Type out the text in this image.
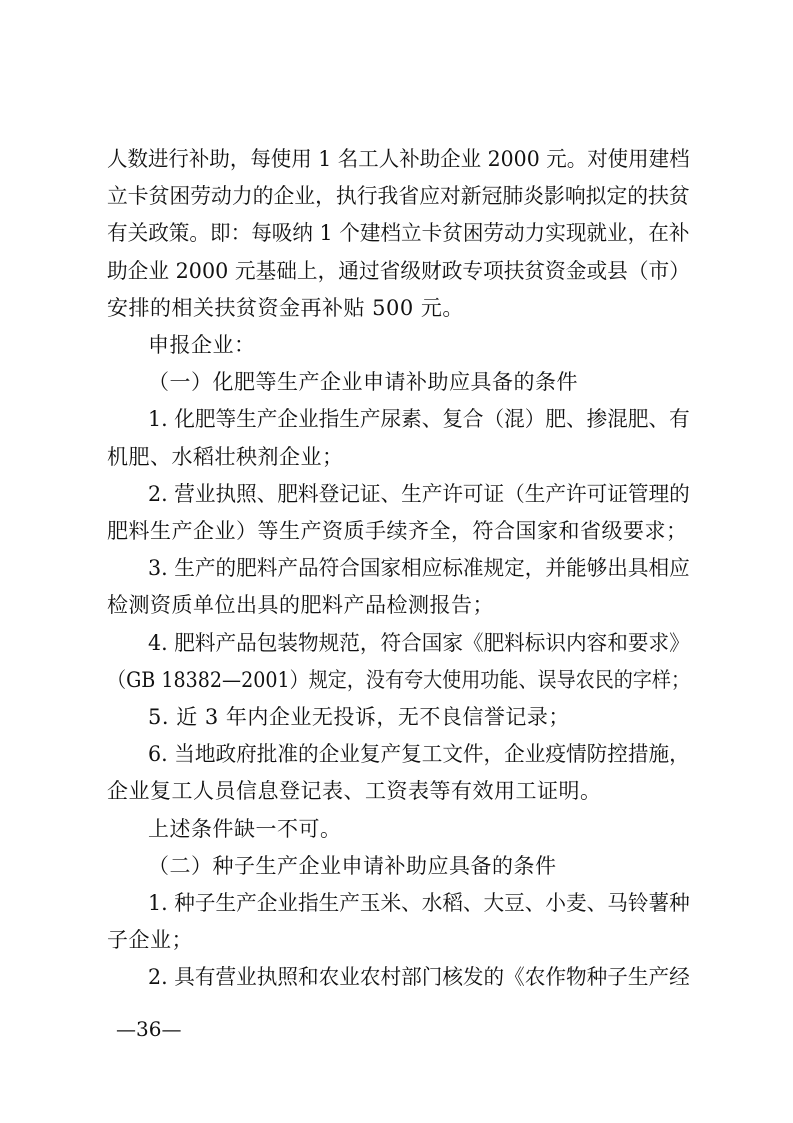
人数进行补助，每使用 1 名工人补助企业 2000 元。对使用建档
立卡贫困劳动力的企业，执行我省应对新冠肺炎影响拟定的扶贫
有关政策。即：每吸纳 1 个建档立卡贫困劳动力实现就业，在补
助企业 2000 元基础上，通过省级财政专项扶贫资金或县（市）
安排的相关扶贫资金再补贴 500 元。
申报企业：
（一）化肥等生产企业申请补助应具备的条件
1. 化肥等生产企业指生产尿素、复合（混）肥、掺混肥、有
机肥、水稻壮秧剂企业；
2. 营业执照、肥料登记证、生产许可证（生产许可证管理的
肥料生产企业）等生产资质手续齐全，符合国家和省级要求；
3. 生产的肥料产品符合国家相应标准规定，并能够出具相应
检测资质单位出具的肥料产品检测报告；
4. 肥料产品包装物规范，符合国家《肥料标识内容和要求》
（GB 18382—2001）规定，没有夸大使用功能、误导农民的字样；
5. 近 3 年内企业无投诉，无不良信誉记录；
6. 当地政府批准的企业复产复工文件，企业疫情防控措施，
企业复工人员信息登记表、工资表等有效用工证明。
上述条件缺一不可。
（二）种子生产企业申请补助应具备的条件
1. 种子生产企业指生产玉米、水稻、大豆、小麦、马铃薯种
子企业；
2. 具有营业执照和农业农村部门核发的《农作物种子生产经
—36—
